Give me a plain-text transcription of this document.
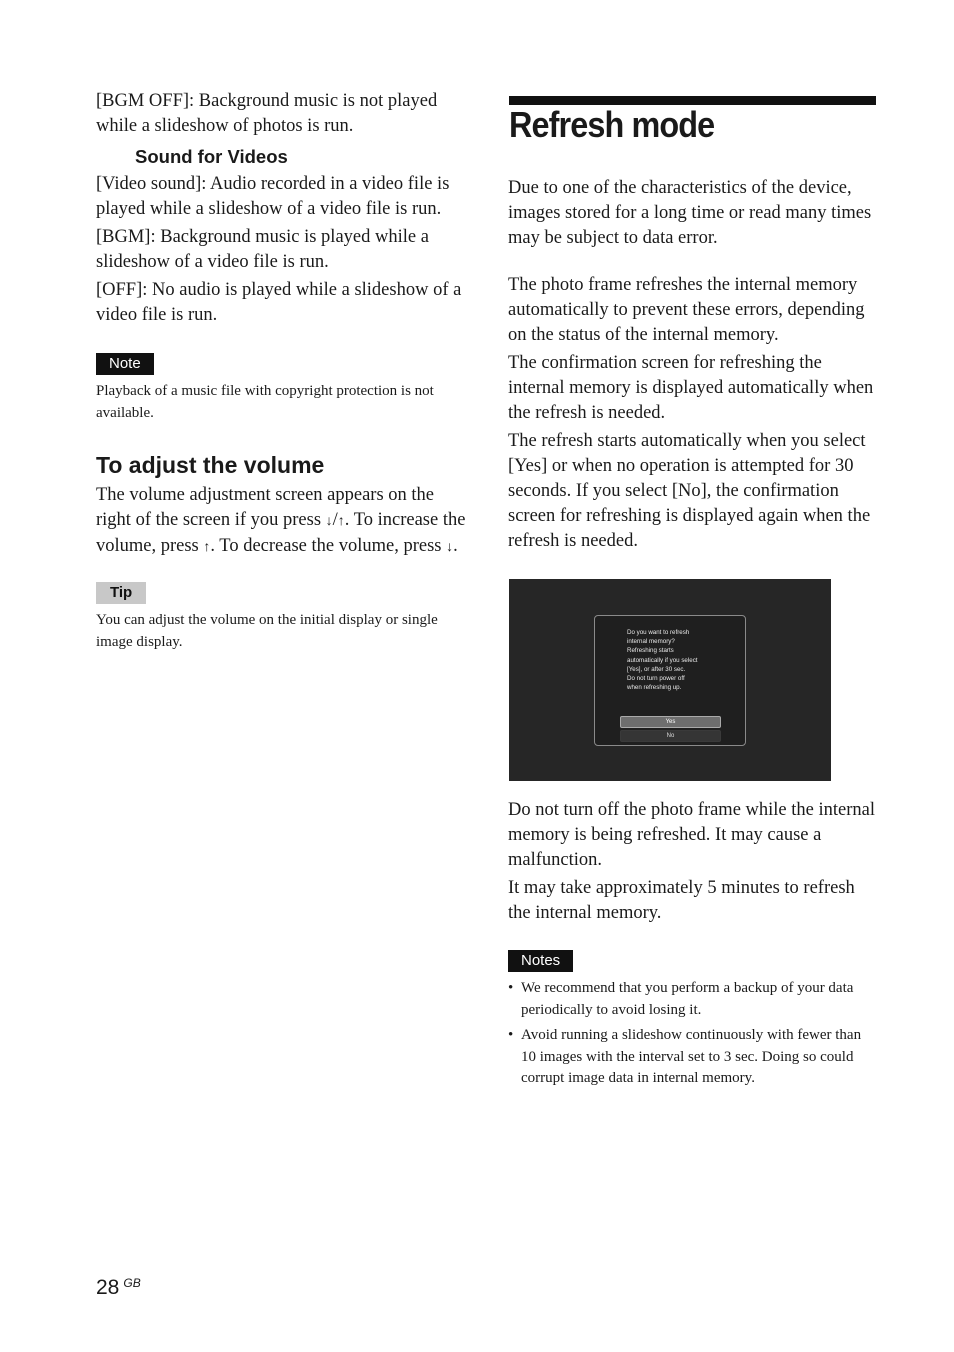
[BGM OFF]: Background music is not played while a slideshow of photos is run.

Sound for Videos

[Video sound]: Audio recorded in a video file is played while a slideshow of a video file is run.

[BGM]: Background music is played while a slideshow of a video file is run.

[OFF]: No audio is played while a slideshow of a video file is run.

Note

Playback of a music file with copyright protection is not available.

To adjust the volume

The volume adjustment screen appears on the right of the screen if you press ↓/↑. To increase the volume, press ↑. To decrease the volume, press ↓.

Tip

You can adjust the volume on the initial display or single image display.

Refresh mode

Due to one of the characteristics of the device, images stored for a long time or read many times may be subject to data error.

The photo frame refreshes the internal memory automatically to prevent these errors, depending on the status of the internal memory.

The confirmation screen for refreshing the internal memory is displayed automatically when the refresh is needed.

The refresh starts automatically when you select [Yes] or when no operation is attempted for 30 seconds. If you select [No], the confirmation screen for refreshing is displayed again when the refresh is needed.

Do you want to refresh
internal memory?
Refreshing starts
automatically if you select
[Yes], or after 30 sec.
Do not turn power off
when refreshing up.
Yes
No

Do not turn off the photo frame while the internal memory is being refreshed. It may cause a malfunction.

It may take approximately 5 minutes to refresh the internal memory.

Notes
• We recommend that you perform a backup of your data periodically to avoid losing it.
• Avoid running a slideshow continuously with fewer than 10 images with the interval set to 3 sec. Doing so could corrupt image data in internal memory.
28 $^{GB}$
